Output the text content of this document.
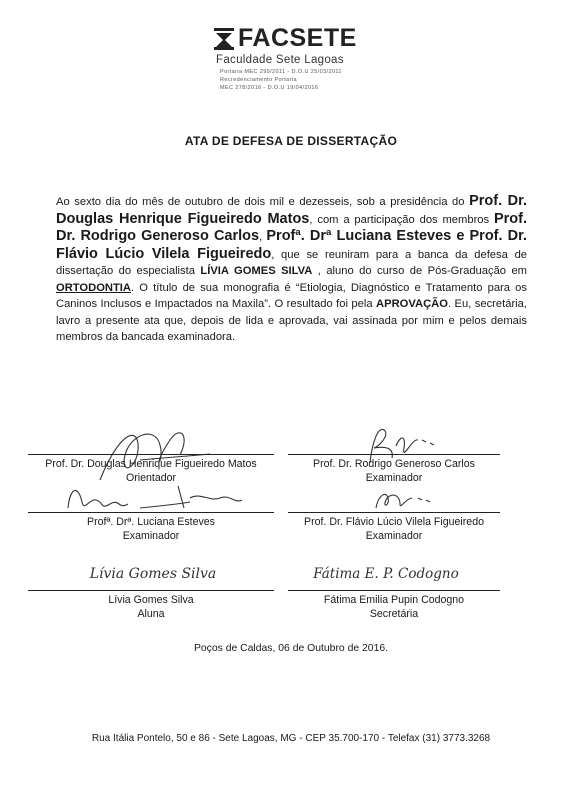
FACSETE
Faculdade Sete Lagoas
Portaria MEC 299/2011 - D.O.U 25/03/2011
Recredenciamento Portaria
MEC 278/2016 - D.O.U 19/04/2016
ATA DE DEFESA DE DISSERTAÇÃO
Ao sexto dia do mês de outubro de dois mil e dezesseis, sob a presidência do Prof. Dr. Douglas Henrique Figueiredo Matos, com a participação dos membros Prof. Dr. Rodrigo Generoso Carlos, Profª. Drª Luciana Esteves e Prof. Dr. Flávio Lúcio Vilela Figueiredo, que se reuniram para a banca da defesa de dissertação do especialista LÍVIA GOMES SILVA , aluno do curso de Pós-Graduação em ORTODONTIA. O título de sua monografia é “Etiologia, Diagnóstico e Tratamento para os Caninos Inclusos e Impactados na Maxila”. O resultado foi pela APROVAÇÃO. Eu, secretária, lavro a presente ata que, depois de lida e aprovada, vai assinada por mim e pelos demais membros da bancada examinadora.
Lívia Gomes Silva	Fátima E. P. Codogno
Prof. Dr. Douglas Henrique Figueiredo Matos
Orientador
Prof. Dr. Rodrigo Generoso Carlos
Examinador
Profª. Drª. Luciana Esteves
Examinador
Prof. Dr. Flávio Lúcio Vilela Figueiredo
Examinador
Lívia Gomes Silva
Aluna
Fátima Emilia Pupin Codogno
Secretária
Poços de Caldas, 06 de Outubro de 2016.
Rua Itália Pontelo, 50 e 86 - Sete Lagoas, MG - CEP 35.700-170 - Telefax (31) 3773.3268
